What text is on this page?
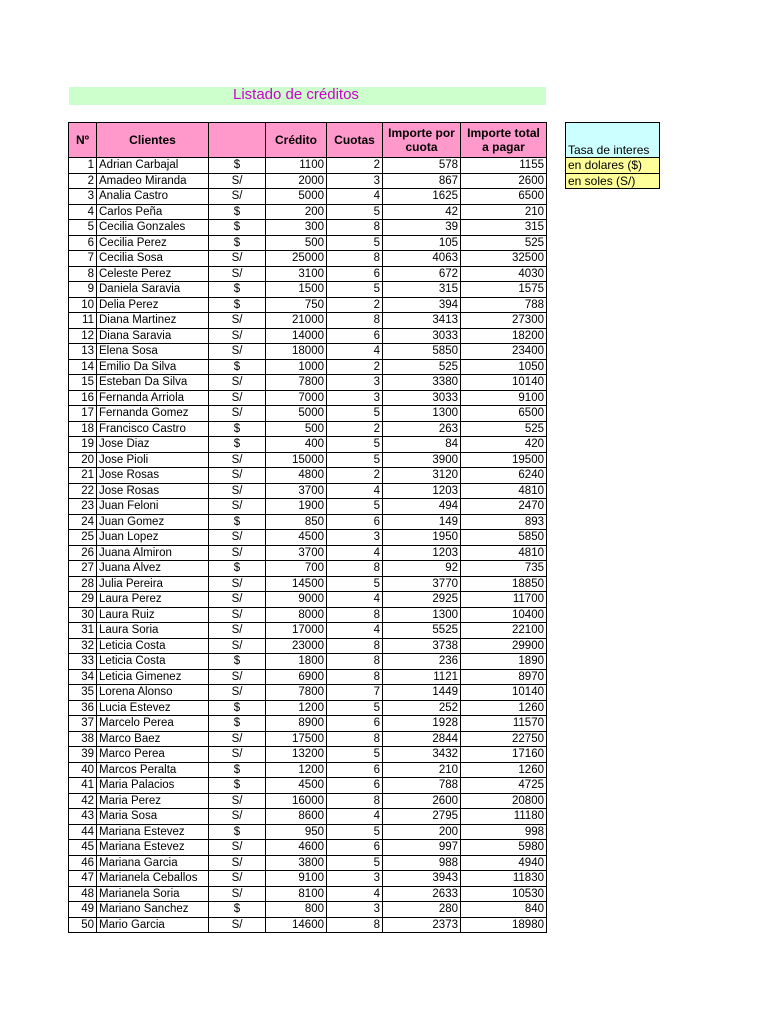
Listado de créditos
Nº	Clientes		Crédito	Cuotas	Importe por cuota	Importe total a pagar
1	Adrian Carbajal	$	1100	2	578	1155
2	Amadeo Miranda	S/	2000	3	867	2600
3	Analia Castro	S/	5000	4	1625	6500
4	Carlos Peña	$	200	5	42	210
5	Cecilia Gonzales	$	300	8	39	315
6	Cecilia Perez	$	500	5	105	525
7	Cecilia Sosa	S/	25000	8	4063	32500
8	Celeste Perez	S/	3100	6	672	4030
9	Daniela Saravia	$	1500	5	315	1575
10	Delia Perez	$	750	2	394	788
11	Diana Martinez	S/	21000	8	3413	27300
12	Diana Saravia	S/	14000	6	3033	18200
13	Elena Sosa	S/	18000	4	5850	23400
14	Emilio Da Silva	$	1000	2	525	1050
15	Esteban Da Silva	S/	7800	3	3380	10140
16	Fernanda Arriola	S/	7000	3	3033	9100
17	Fernanda Gomez	S/	5000	5	1300	6500
18	Francisco Castro	$	500	2	263	525
19	Jose Diaz	$	400	5	84	420
20	Jose Pioli	S/	15000	5	3900	19500
21	Jose Rosas	S/	4800	2	3120	6240
22	Jose Rosas	S/	3700	4	1203	4810
23	Juan Feloni	S/	1900	5	494	2470
24	Juan Gomez	$	850	6	149	893
25	Juan Lopez	S/	4500	3	1950	5850
26	Juana Almiron	S/	3700	4	1203	4810
27	Juana Alvez	$	700	8	92	735
28	Julia Pereira	S/	14500	5	3770	18850
29	Laura Perez	S/	9000	4	2925	11700
30	Laura Ruiz	S/	8000	8	1300	10400
31	Laura Soria	S/	17000	4	5525	22100
32	Leticia Costa	S/	23000	8	3738	29900
33	Leticia Costa	$	1800	8	236	1890
34	Leticia Gimenez	S/	6900	8	1121	8970
35	Lorena Alonso	S/	7800	7	1449	10140
36	Lucia Estevez	$	1200	5	252	1260
37	Marcelo Perea	$	8900	6	1928	11570
38	Marco Baez	S/	17500	8	2844	22750
39	Marco Perea	S/	13200	5	3432	17160
40	Marcos Peralta	$	1200	6	210	1260
41	Maria Palacios	$	4500	6	788	4725
42	Maria Perez	S/	16000	8	2600	20800
43	Maria Sosa	S/	8600	4	2795	11180
44	Mariana Estevez	$	950	5	200	998
45	Mariana Estevez	S/	4600	6	997	5980
46	Mariana Garcia	S/	3800	5	988	4940
47	Marianela Ceballos	S/	9100	3	3943	11830
48	Marianela Soria	S/	8100	4	2633	10530
49	Mariano Sanchez	$	800	3	280	840
50	Mario Garcia	S/	14600	8	2373	18980
Tasa de interes
en dolares ($)
en soles (S/)
